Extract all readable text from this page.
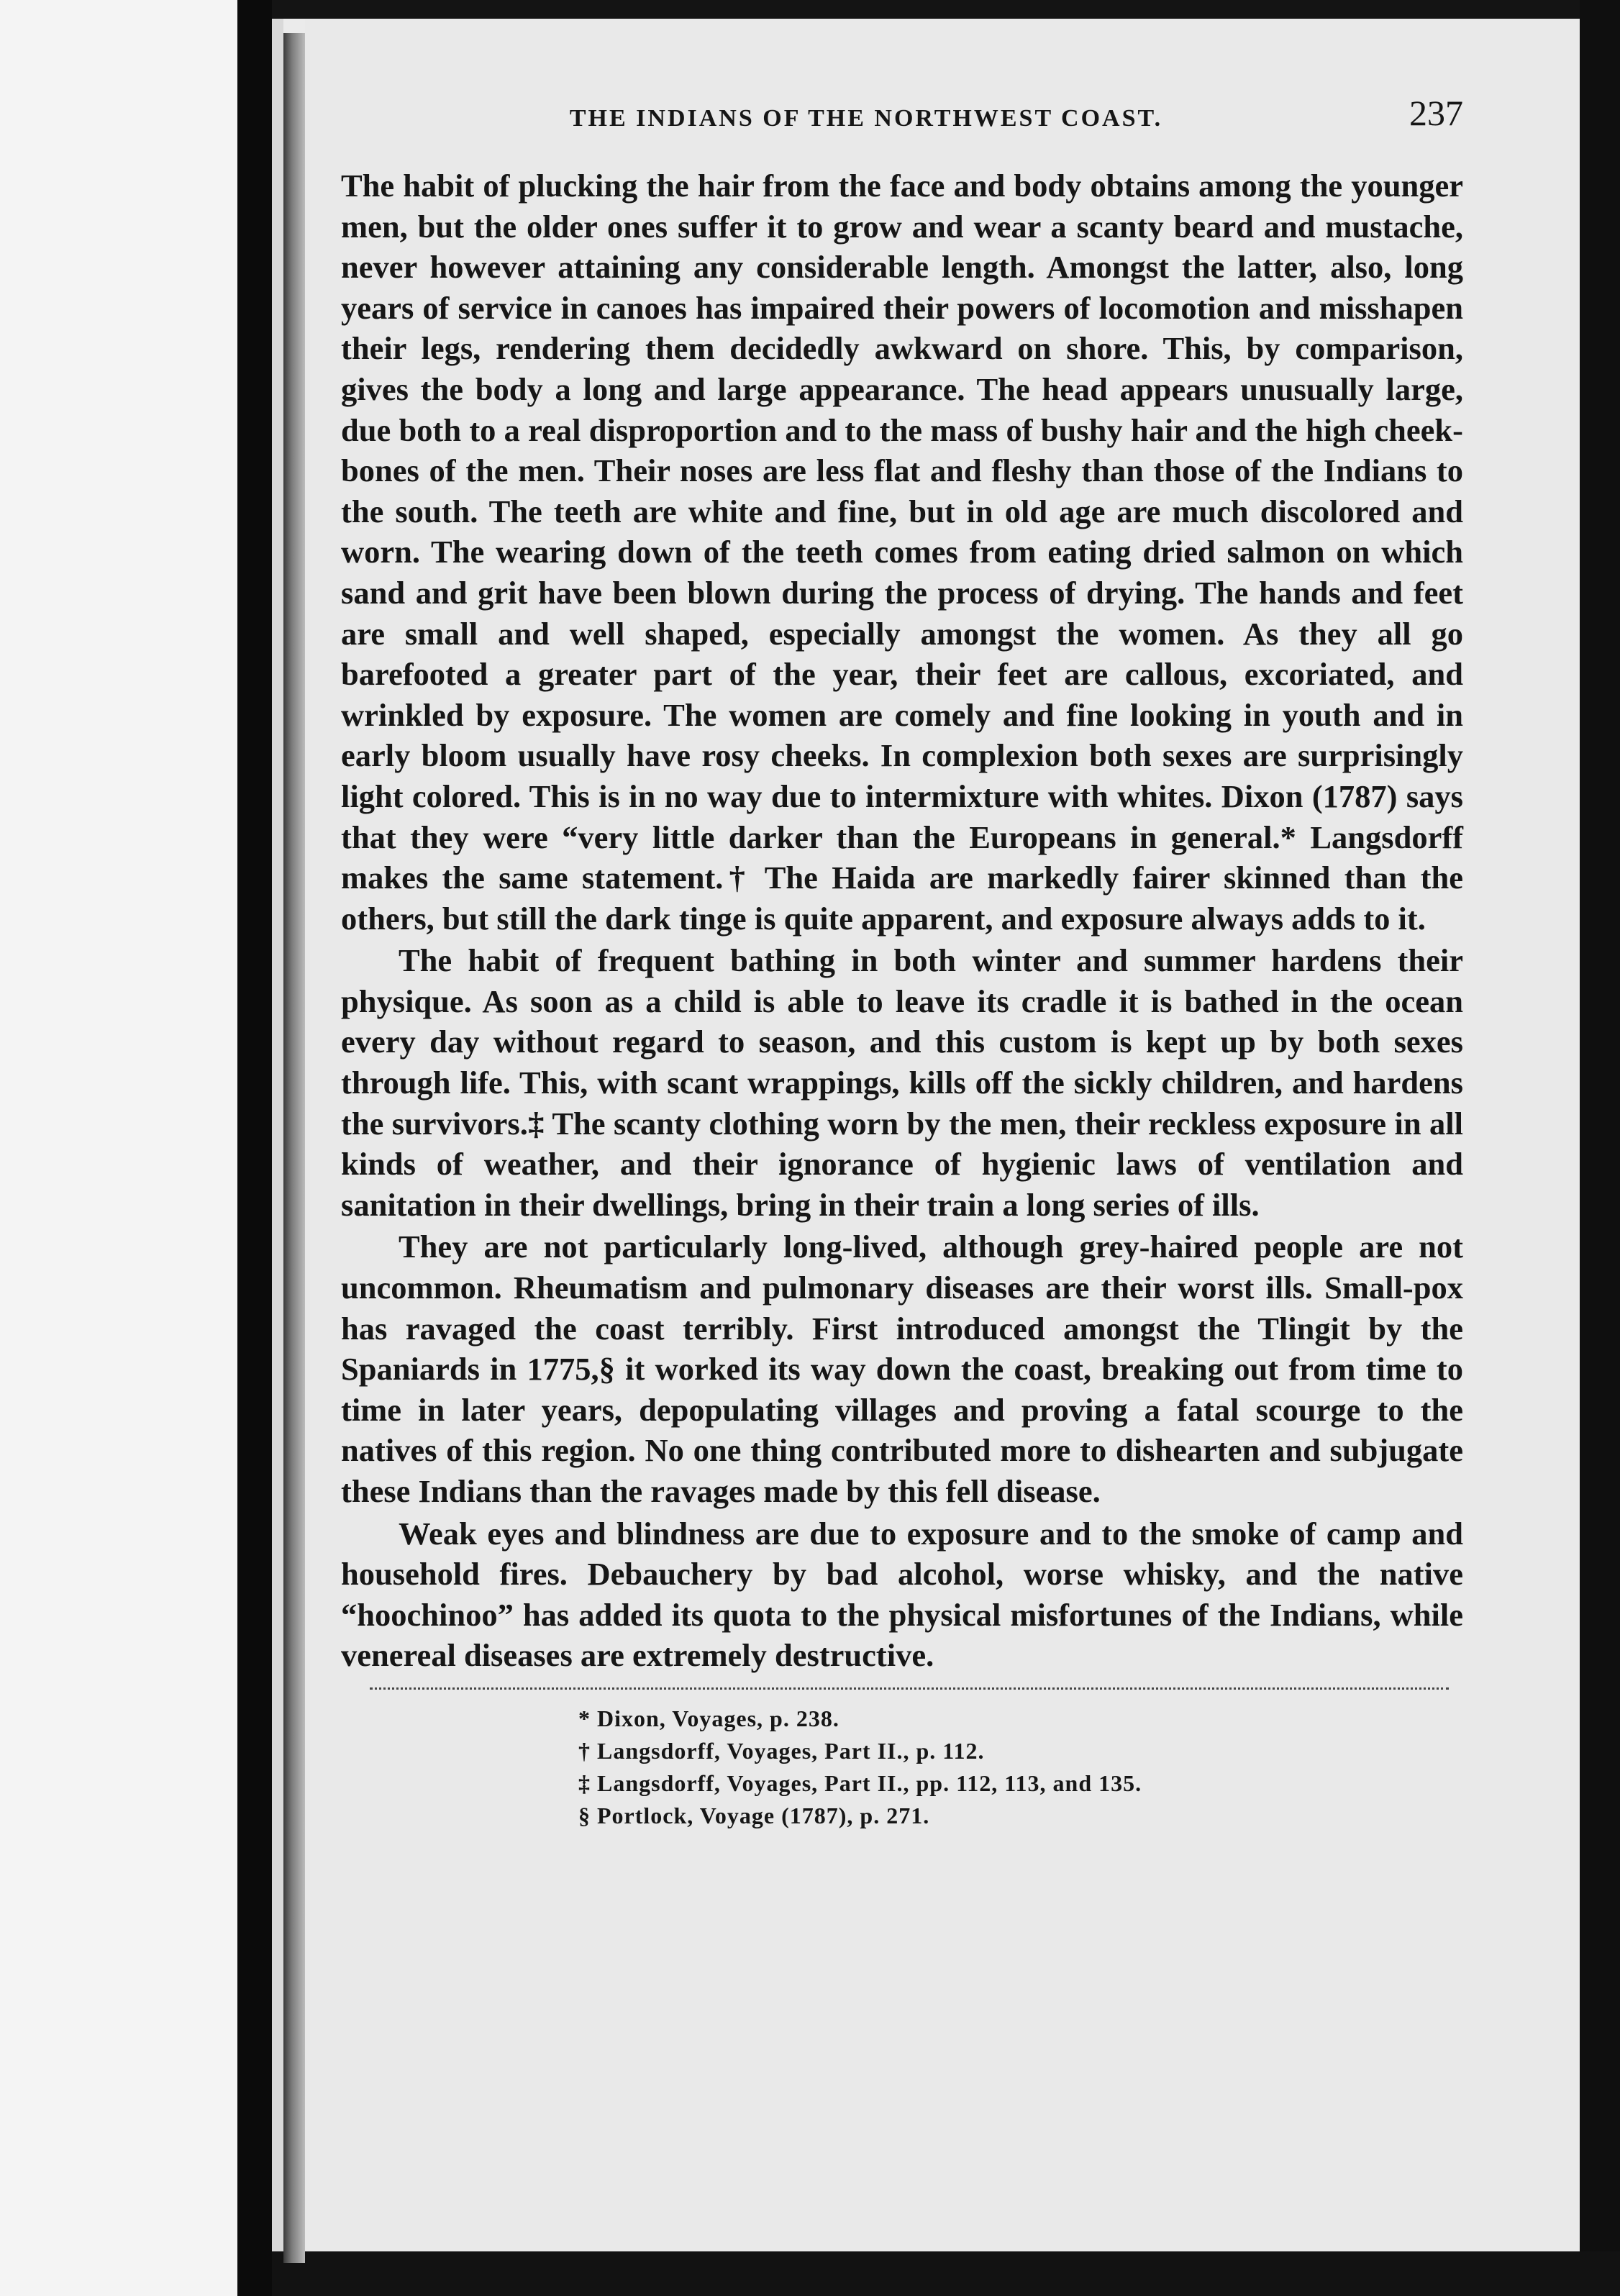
THE INDIANS OF THE NORTHWEST COAST.	237

The habit of plucking the hair from the face and body obtains among the younger men, but the older ones suffer it to grow and wear a scanty beard and mustache, never however attaining any considerable length. Amongst the latter, also, long years of service in canoes has impaired their powers of locomotion and misshapen their legs, rendering them decidedly awkward on shore. This, by comparison, gives the body a long and large appearance. The head appears unusually large, due both to a real disproportion and to the mass of bushy hair and the high cheek-bones of the men. Their noses are less flat and fleshy than those of the Indians to the south. The teeth are white and fine, but in old age are much discolored and worn. The wearing down of the teeth comes from eating dried salmon on which sand and grit have been blown during the process of drying. The hands and feet are small and well shaped, especially amongst the women. As they all go barefooted a greater part of the year, their feet are callous, excoriated, and wrinkled by exposure. The women are comely and fine looking in youth and in early bloom usually have rosy cheeks. In complexion both sexes are surprisingly light colored. This is in no way due to intermixture with whites. Dixon (1787) says that they were “very little darker than the Europeans in general.* Langsdorff makes the same statement.† The Haida are markedly fairer skinned than the others, but still the dark tinge is quite apparent, and exposure always adds to it.

The habit of frequent bathing in both winter and summer hardens their physique. As soon as a child is able to leave its cradle it is bathed in the ocean every day without regard to season, and this custom is kept up by both sexes through life. This, with scant wrappings, kills off the sickly children, and hardens the survivors.‡ The scanty clothing worn by the men, their reckless exposure in all kinds of weather, and their ignorance of hygienic laws of ventilation and sanitation in their dwellings, bring in their train a long series of ills.

They are not particularly long-lived, although grey-haired people are not uncommon. Rheumatism and pulmonary diseases are their worst ills. Small-pox has ravaged the coast terribly. First introduced amongst the Tlingit by the Spaniards in 1775,§ it worked its way down the coast, breaking out from time to time in later years, depopulating villages and proving a fatal scourge to the natives of this region. No one thing contributed more to dishearten and subjugate these Indians than the ravages made by this fell disease.

Weak eyes and blindness are due to exposure and to the smoke of camp and household fires. Debauchery by bad alcohol, worse whisky, and the native “hoochinoo” has added its quota to the physical misfortunes of the Indians, while venereal diseases are extremely destructive.

* Dixon, Voyages, p. 238.
† Langsdorff, Voyages, Part II., p. 112.
‡ Langsdorff, Voyages, Part II., pp. 112, 113, and 135.
§ Portlock, Voyage (1787), p. 271.
